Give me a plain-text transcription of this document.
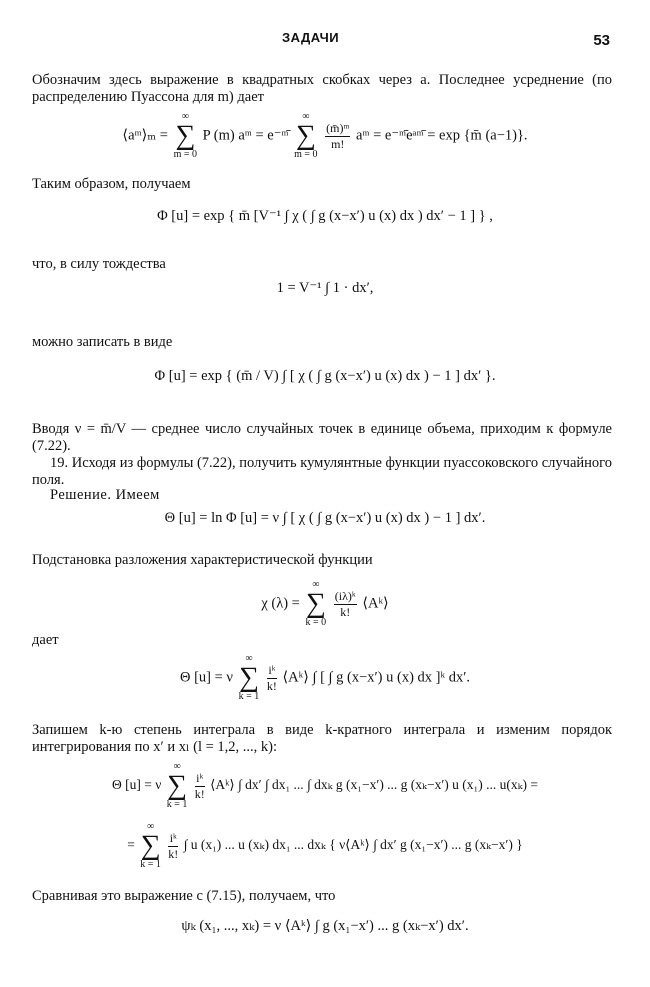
ЗАДАЧИ	53
Обозначим здесь выражение в квадратных скобках через a. Последнее усреднение (по распределению Пуассона для m) дает
⟨aᵐ⟩ₘ =
∞
∑
m = 0
P (m) aᵐ = e⁻ᵐ̄
∞
∑
m = 0

$\frac{\text{(m̄)ᵐ}}{m!}$ aᵐ = e⁻ᵐ̄eᵃᵐ̄ = exp {m̄ (a−1)}.
Таким образом, получаем
Φ [u] = exp { m̄ [V⁻¹ ∫ χ ( ∫ g (x−x′) u (x) dx ) dx′ − 1 ] } ,
что, в силу тождества
1 = V⁻¹ ∫ 1 · dx′,
можно записать в виде
Φ [u] = exp { (m̄ / V) ∫ [ χ ( ∫ g (x−x′) u (x) dx ) − 1 ] dx′ }.
Вводя ν = m̄/V — среднее число случайных точек в единице объема, приходим к формуле (7.22).
19. Исходя из формулы (7.22), получить кумулянтные функции пуассоковского случайного поля.
Решение. Имеем
Θ [u] = ln Φ [u] = ν ∫ [ χ ( ∫ g (x−x′) u (x) dx ) − 1 ] dx′.
Подстановка разложения характеристической функции
χ (λ) =
∞
∑
k = 0

$\frac{\text{(iλ)ᵏ}}{k!}$ ⟨Aᵏ⟩
дает
Θ [u] = ν
∞
∑
k = 1

$\frac{\text{iᵏ}}{k!}$ ⟨Aᵏ⟩ ∫ [ ∫ g (x−x′) u (x) dx ]ᵏ dx′.
Запишем k-ю степень интеграла в виде k-кратного интеграла и изменим порядок интегрирования по x′ и xₗ (l = 1,2, ..., k):
Θ [u] = ν
∞
∑
k = 1

$\frac{\text{iᵏ}}{k!}$ ⟨Aᵏ⟩ ∫ dx′ ∫ dx₁ ... ∫ dxₖ g (x₁−x′) ... g (xₖ−x′) u (x₁) ... u(xₖ) =
=
∞
∑
k = 1

$\frac{\text{iᵏ}}{k!}$ ∫ u (x₁) ... u (xₖ) dx₁ ... dxₖ { ν⟨Aᵏ⟩ ∫ dx′ g (x₁−x′) ... g (xₖ−x′) }
Сравнивая это выражение с (7.15), получаем, что
ψₖ (x₁, ..., xₖ) = ν ⟨Aᵏ⟩ ∫ g (x₁−x′) ... g (xₖ−x′) dx′.
